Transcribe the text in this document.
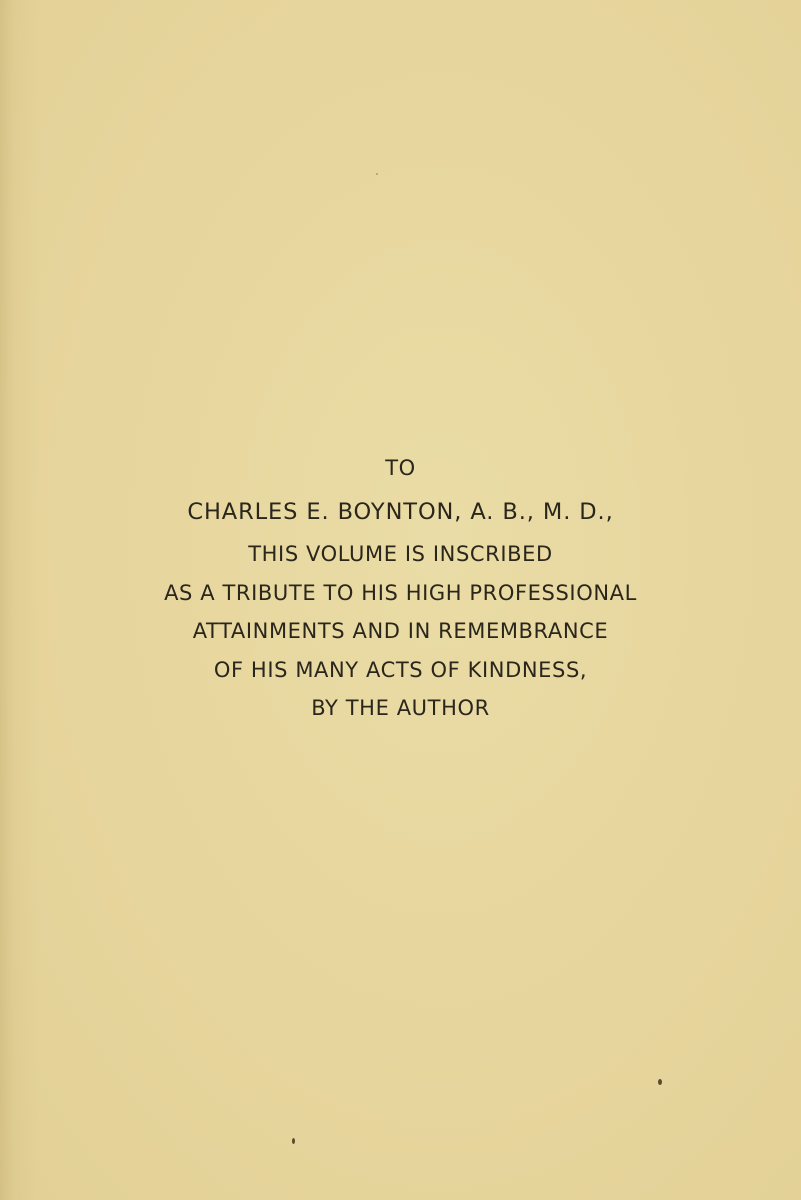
TO
CHARLES E. BOYNTON, A. B., M. D.,
THIS VOLUME IS INSCRIBED
AS A TRIBUTE TO HIS HIGH PROFESSIONAL
ATTAINMENTS AND IN REMEMBRANCE
OF HIS MANY ACTS OF KINDNESS,
BY THE AUTHOR
